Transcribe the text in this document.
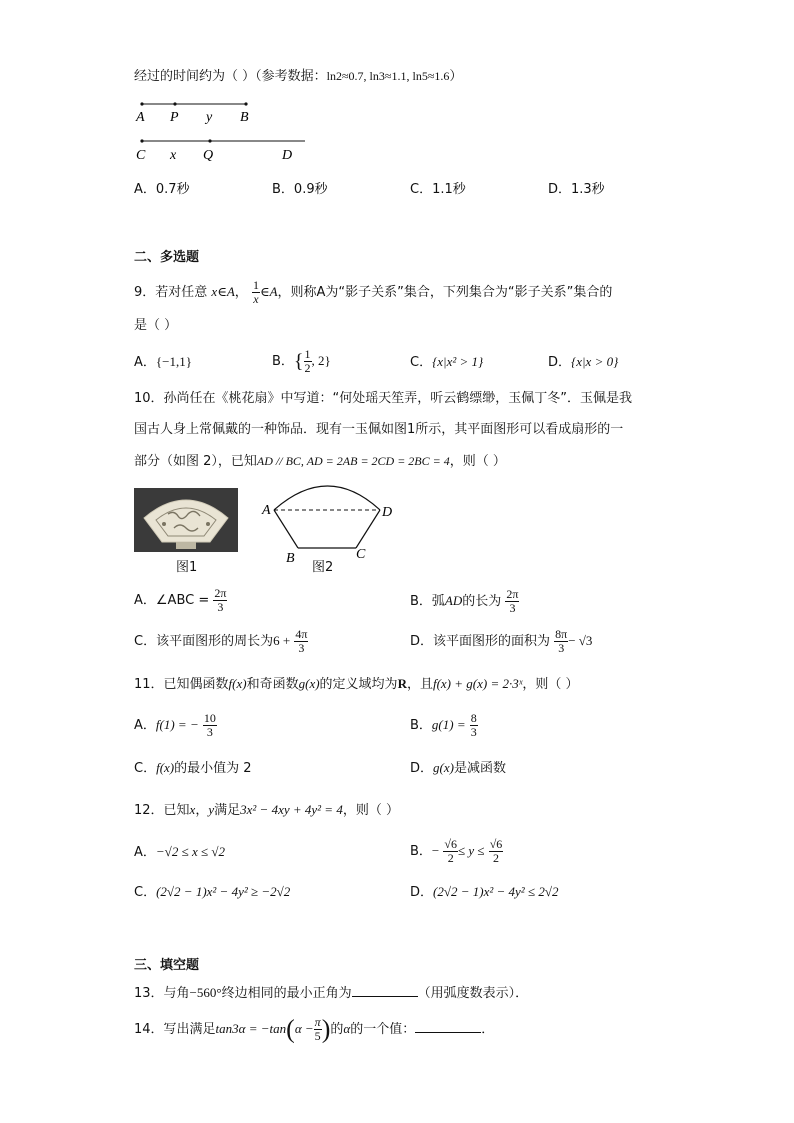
经过的时间约为（ ）（参考数据：ln2≈0.7, ln3≈1.1, ln5≈1.6）
A P y B
C x Q	D
A．0.7秒	B．0.9秒	C．1.1秒	D．1.3秒
二、多选题
9．若对任意 x∈A， $\frac{1}{x}$ ∈A，则称A为“影子关系”集合，下列集合为“影子关系”集合的
是（ ）
A．{−1,1}	B．{ $\frac{1}{2}$ , 2}	C．{x|x² > 1}	D．{x|x > 0}
10．孙尚任在《桃花扇》中写道：“何处瑶天笙弄，听云鹤缥缈，玉佩丁冬”．玉佩是我
国古人身上常佩戴的一种饰品．现有一玉佩如图1所示，其平面图形可以看成扇形的一
部分（如图 2），已知AD // BC, AD = 2AB = 2CD = 2BC = 4，则（ ）
A	D
B	C
图1	图2
A．∠ABC = $\frac{2\pi}{3}$	B．弧AD的长为 $\frac{2\pi}{3}$
C．该平面图形的周长为$6 + \frac{4\pi}{3}$	D．该平面图形的面积为 $\frac{8\pi}{3} - √3$
11．已知偶函数f(x)和奇函数g(x)的定义域均为R，且f(x) + g(x) = 2·3ˣ，则（ ）
A．f(1) = − $\frac{10}{3}$	B．$g(1) = \frac{8}{3}$
C．f(x)的最小值为 2	D．g(x)是减函数
12．已知x，y满足3x² − 4xy + 4y² = 4，则（ ）
A．−√2 ≤ x ≤ √2	B．− $\frac{√6}{2} \le y \le \frac{√6}{2}$
C．(2√2 − 1)x² − 4y² ≥ −2√2	D．(2√2 − 1)x² − 4y² ≤ 2√2
三、填空题
13．与角−560°终边相同的最小正角为	（用弧度数表示）．
14．写出满足$\tan 3\alpha = -\tan(\alpha - \frac{\pi}{5}$ )的α的一个值：	．
